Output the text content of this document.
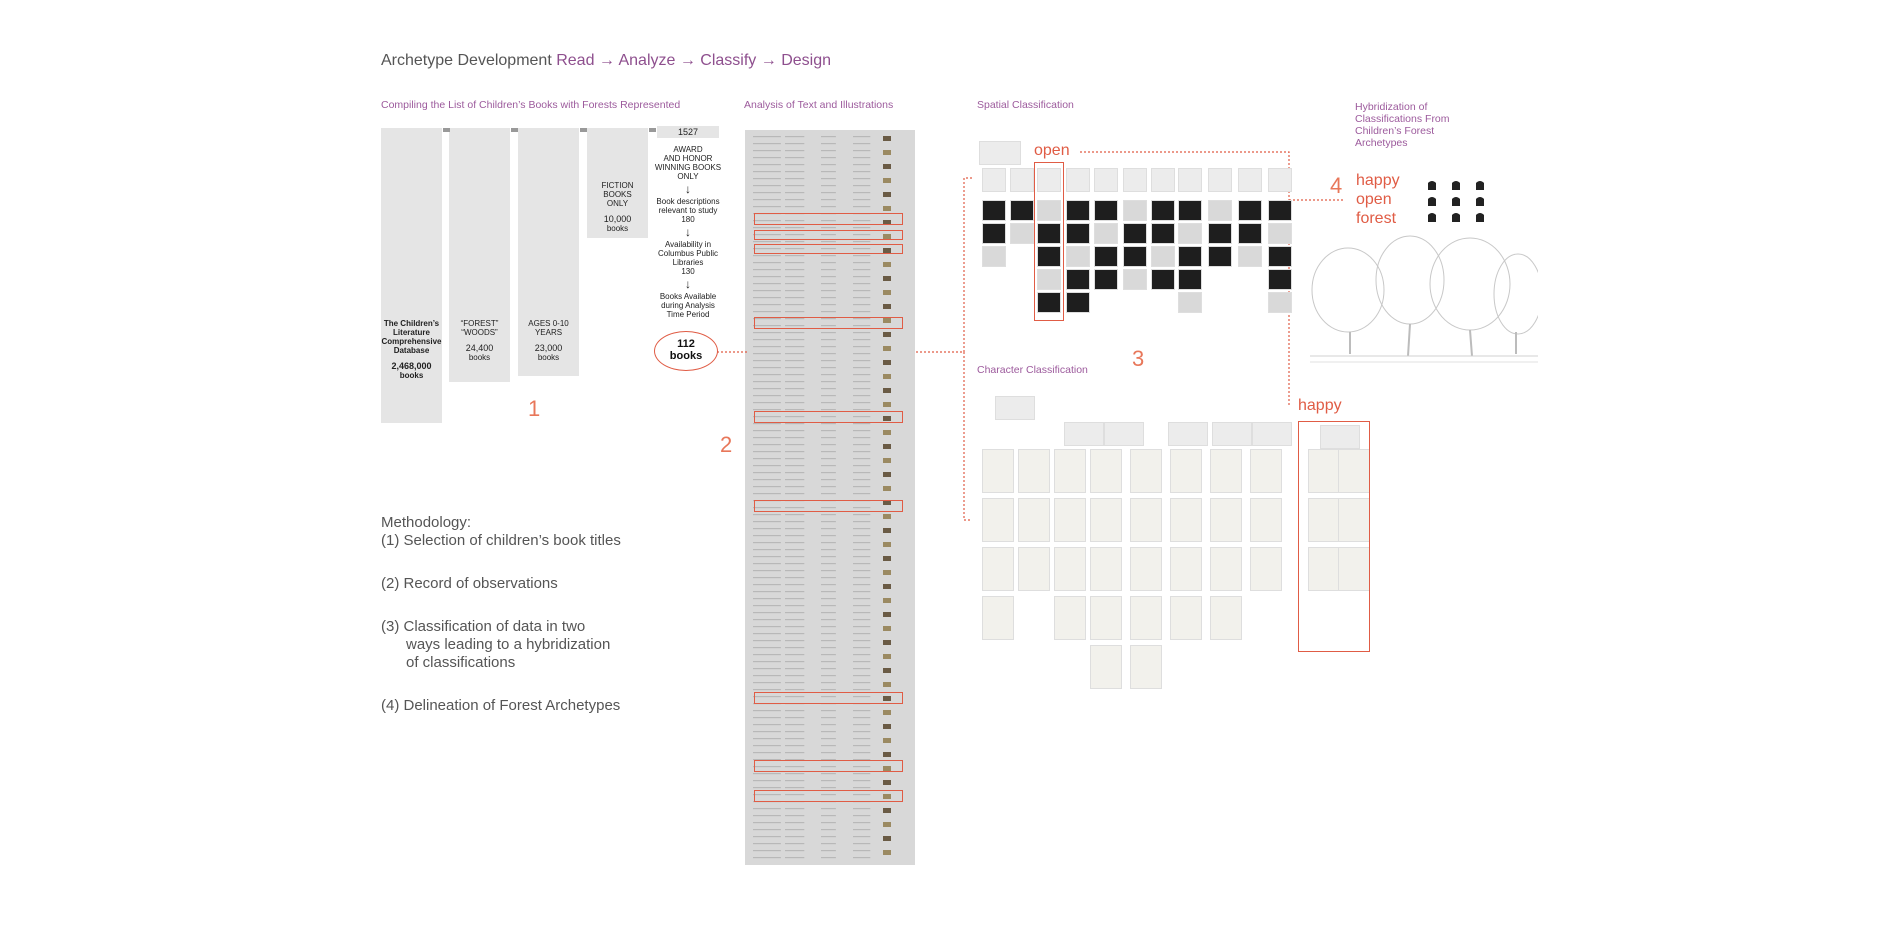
Archetype Development Read → Analyze → Classify → Design
Compiling the List of Children’s Books with Forests Represented	Analysis of Text and Illustrations	Spatial Classification
Character Classification
Hybridization of
Classifications From
Children’s Forest
Archetypes
The Children’s
Literature
Comprehensive
Database
2,468,000
books
“FOREST”
“WOODS”
24,400
books
AGES 0-10
YEARS
23,000
books
FICTION BOOKS
ONLY
10,000
books
1527
AWARD
AND HONOR
WINNING BOOKS
ONLY
↓
Book descriptions
relevant to study
180
↓
Availability in
Columbus Public
Libraries
130
↓
Books Available
during Analysis
Time Period
112
books
1
2
3
4

Methodology:

(1) Selection of children’s book titles

(2) Record of observations

(3) Classification of data in two

ways leading to a hybridization

of classifications

(4) Delineation of Forest Archetypes

open
happy
happy
open
forest
